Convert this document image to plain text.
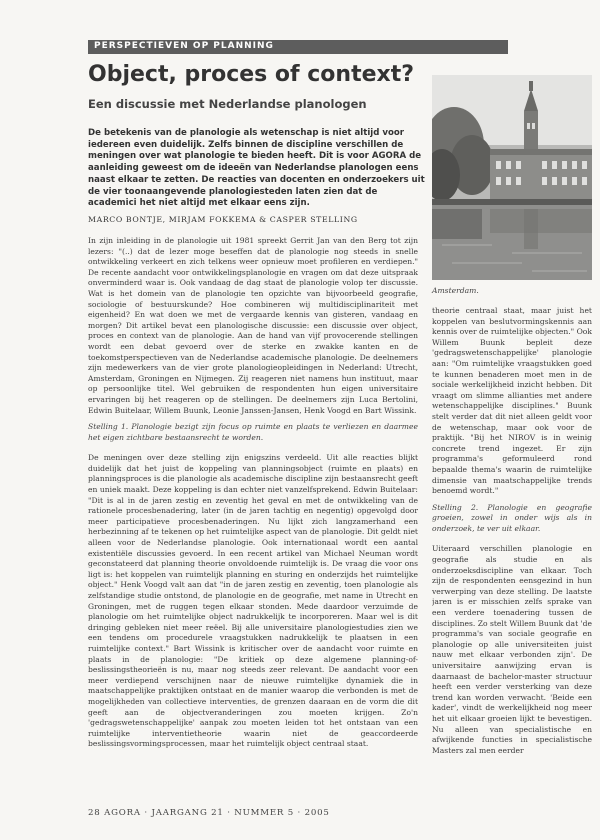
PERSPECTIEVEN OP PLANNING
Object, proces of context?
Een discussie met Nederlandse planologen

De betekenis van de planologie als wetenschap is niet altijd voor iedereen even duidelijk. Zelfs binnen de discipline verschillen de meningen over wat planologie te bieden heeft. Dit is voor AGORA de aanleiding geweest om de ideeën van Nederlandse planologen eens naast elkaar te zetten. De reacties van docenten en onderzoekers uit de vier toonaangevende planologiesteden laten zien dat de academici het niet altijd met elkaar eens zijn.

MARCO BONTJE, MIRJAM FOKKEMA & CASPER STELLING
Amsterdam.

In zijn inleiding in de planologie uit 1981 spreekt Gerrit Jan van den Berg tot zijn lezers: "(..) dat de lezer moge beseffen dat de planologie nog steeds in snelle ontwikkeling verkeert en zich telkens weer opnieuw moet profileren en verdiepen." De recente aandacht voor ontwikkelingsplanologie en vragen om dat deze uitspraak onverminderd waar is. Ook vandaag de dag staat de planologie volop ter discussie. Wat is het domein van de planologie ten opzichte van bijvoorbeeld geografie, sociologie of bestuurskunde? Hoe combineren wij multidisciplinariteit met eigenheid? En wat doen we met de vergaarde kennis van gisteren, vandaag en morgen? Dit artikel bevat een planologische discussie: een discussie over object, proces en context van de planologie. Aan de hand van vijf provocerende stellingen wordt een debat gevoerd over de sterke en zwakke kanten en de toekomstperspectieven van de Nederlandse academische planologie. De deelnemers zijn medewerkers van de vier grote planologieopleidingen in Nederland: Utrecht, Amsterdam, Groningen en Nijmegen. Zij reageren niet namens hun instituut, maar op persoonlijke titel. Wel gebruiken de respondenten hun eigen universitaire ervaringen bij het reageren op de stellingen. De deelnemers zijn Luca Bertolini, Edwin Buitelaar, Willem Buunk, Leonie Janssen-Jansen, Henk Voogd en Bart Wissink.

Stelling 1. Planologie bezigt zijn focus op ruimte en plaats te verliezen en daarmee het eigen zichtbare bestaansrecht te worden.

De meningen over deze stelling zijn enigszins verdeeld. Uit alle reacties blijkt duidelijk dat het juist de koppeling van planningsobject (ruimte en plaats) en planningsproces is die planologie als academische discipline zijn bestaansrecht geeft en uniek maakt. Deze koppeling is dan echter niet vanzelfsprekend. Edwin Buitelaar: "Dit is al in de jaren zestig en zeventig het geval en met de ontwikkeling van de rationele procesbenadering, later (in de jaren tachtig en negentig) opgevolgd door meer participatieve procesbenaderingen. Nu lijkt zich langzamerhand een herbezinning af te tekenen op het ruimtelijke aspect van de planologie. Dit geldt niet alleen voor de Nederlandse planologie. Ook internationaal wordt een aantal existentiële discussies gevoerd. In een recent artikel van Michael Neuman wordt geconstateerd dat planning theorie onvoldoende ruimtelijk is. De vraag die voor ons ligt is: het koppelen van ruimtelijk planning en sturing en onderzijds het ruimtelijke object." Henk Voogd valt aan dat "in de jaren zestig en zeventig, toen planologie als zelfstandige studie ontstond, de planologie en de geografie, met name in Utrecht en Groningen, met de ruggen tegen elkaar stonden. Mede daardoor verzuimde de planologie om het ruimtelijke object nadrukkelijk te incorporeren. Maar wel is dit dringing gebleken niet meer reëel. Bij alle universitaire planologiestudies zien we een tendens om procedurele vraagstukken nadrukkelijk te plaatsen in een ruimtelijke context." Bart Wissink is kritischer over de aandacht voor ruimte en plaats in de planologie: "De kritiek op deze algemene planning-of-beslissingstheorieën is nu, maar nog steeds zeer relevant. De aandacht voor een meer verdiepend verschijnen naar de nieuwe ruimtelijke dynamiek die in maatschappelijke praktijken ontstaat en de manier waarop die verbonden is met de mogelijkheden van collectieve interventies, de grenzen daaraan en de vorm die dit geeft aan de objectveranderingen zou moeten krijgen. Zo'n 'gedragswetenschappelijke' aanpak zou moeten leiden tot het ontstaan van een ruimtelijke interventietheorie waarin niet de geaccordeerde beslissingsvormingsprocessen, maar het ruimtelijk object centraal staat.

theorie centraal staat, maar juist het koppelen van beslutvormingskennis aan kennis over de ruimtelijke objecten." Ook Willem Buunk bepleit deze 'gedragswetenschappelijke' planologie aan: "Om ruimtelijke vraagstukken goed te kunnen benaderen moet men in de sociale werkelijkheid inzicht hebben. Dit vraagt om slimme allianties met andere wetenschappelijke disciplines." Buunk stelt verder dat dit niet alleen geldt voor de wetenschap, maar ook voor de praktijk. "Bij het NIROV is in weinig concrete trend ingezet. Er zijn programma's geformuleerd rond bepaalde thema's waarin de ruimtelijke dimensie van maatschappelijke trends benoemd wordt."

Stelling 2. Planologie en geografie groeien, zowel in onder wijs als in onderzoek, te ver uit elkaar.

Uiteraard verschillen planologie en geografie als studie en als onderzoeksdiscipline van elkaar. Toch zijn de respondenten eensgezind in hun verwerping van deze stelling. De laatste jaren is er misschien zelfs sprake van een verdere toenadering tussen de disciplines. Zo stelt Willem Buunk dat 'de programma's van sociale geografie en planologie op alle universiteiten juist nauw met elkaar verbonden zijn'. De universitaire aanwijzing ervan is daarnaast de bachelor-master structuur heeft een verder versterking van deze trend kan worden verwacht. 'Beide een kader', vindt de werkelijkheid nog meer het uit elkaar groeien lijkt te bevestigen. Nu alleen van specialistische en afwijkende functies in specialistische Masters zal men eerder

28 AGORA · JAARGANG 21 · NUMMER 5 · 2005
